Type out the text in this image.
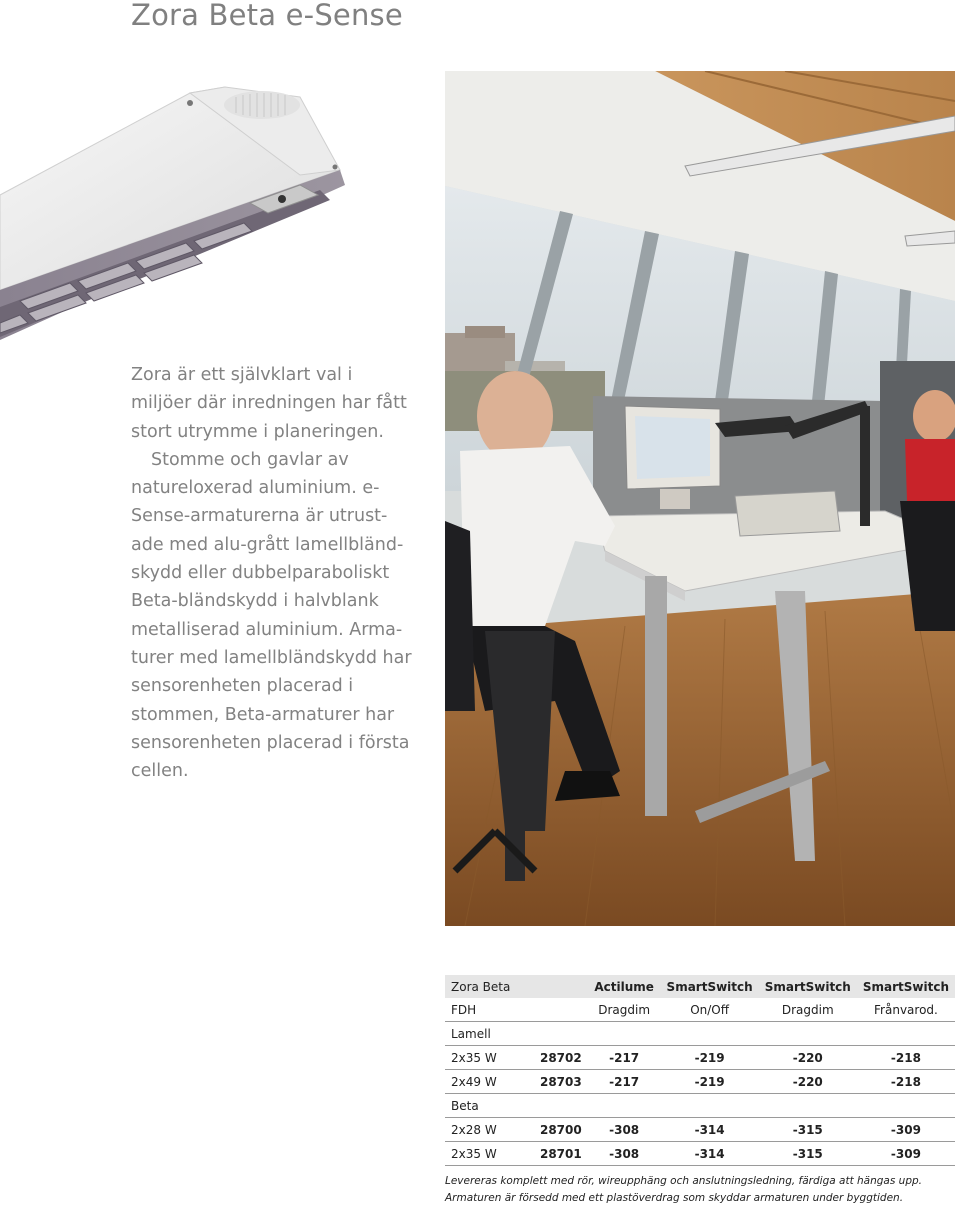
Zora Beta e-Sense

Zora är ett självklart val i miljöer där inredningen har fått stort utrymme i planeringen.

Stomme och gavlar av natureloxerad aluminium. e-Sense-armaturerna är utrust-ade med alu-grått lamellbländ-skydd eller dubbelparaboliskt Beta-bländskydd i halvblank metalliserad aluminium. Arma-turer med lamellbländskydd har sensorenheten placerad i stommen, Beta-armaturer har sensorenheten placerad i första cellen.

Zora Beta		Actilume	SmartSwitch	SmartSwitch	SmartSwitch
FDH		Dragdim	On/Off	Dragdim	Frånvarod.
Lamell					
2x35 W	28702	-217	-219	-220	-218
2x49 W	28703	-217	-219	-220	-218
Beta					
2x28 W	28700	-308	-314	-315	-309
2x35 W	28701	-308	-314	-315	-309

Levereras komplett med rör, wireupphäng och anslutningsledning, färdiga att hängas upp.

Armaturen är försedd med ett plastöverdrag som skyddar armaturen under byggtiden.
